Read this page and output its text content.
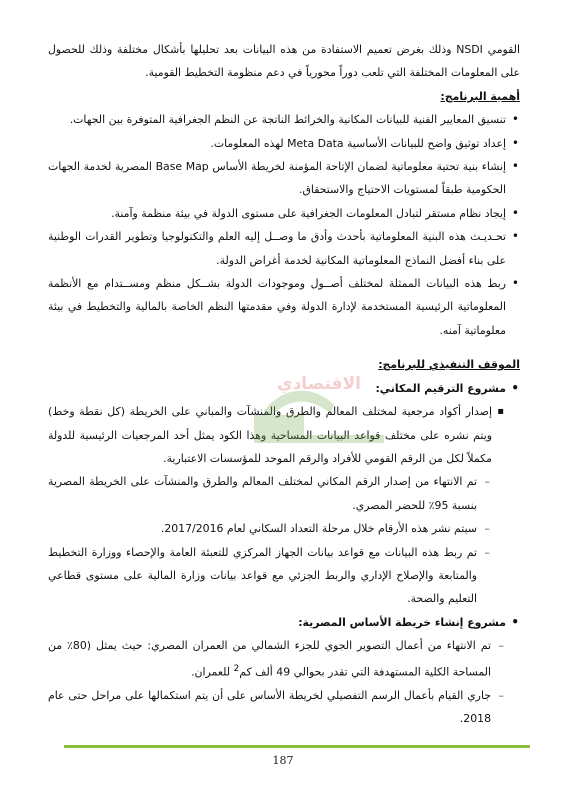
القومي NSDI وذلك بغرض تعميم الاستفادة من هذه البيانات بعد تحليلها بأشكال مختلفة وذلك للحصول على المعلومات المختلفة التي تلعب دوراً محورياً في دعم منظومة التخطيط القومية.

أهمية البرنامج:

• تنسيق المعايير الفنية للبيانات المكانية والخرائط الناتجة عن النظم الجغرافية المتوفرة بين الجهات.
• إعداد توثيق واضح للبيانات الأساسية Meta Data لهذه المعلومات.
• إنشاء بنية تحتية معلوماتية لضمان الإتاحة المؤمنة لخريطة الأساس Base Map المصرية لخدمة الجهات الحكومية طبقاً لمستويات الاحتياج والاستحقاق.
• إيجاد نظام مستقر لتبادل المعلومات الجغرافية على مستوى الدولة في بيئة منظمة وآمنة.
• تحـديـث هذه البنية المعلوماتية بأحدث وأدق ما وصــل إليه العلم والتكنولوجيا وتطوير القدرات الوطنية على بناء أفضل النماذج المعلوماتية المكانية لخدمة أغراض الدولة.
• ربط هذه البيانات الممثلة لمختلف أصــول وموجودات الدولة بشــكل منظم ومســتدام مع الأنظمة المعلوماتية الرئيسية المستخدمة لإدارة الدولة وفي مقدمتها النظم الخاصة بالمالية والتخطيط في بيئة معلوماتية آمنه.

الموقف التنفيذي للبرنامج:

• مشروع الترقيم المكاني:

▪ إصدار أكواد مرجعية لمختلف المعالم والطرق والمنشآت والمباني على الخريطة (كل نقطة وخط) ويتم نشره على مختلف قواعد البيانات المساحية وهذا الكود يمثل أحد المرجعيات الرئيسية للدولة مكملاً لكل من الرقم القومي للأفراد والرقم الموحد للمؤسسات الاعتبارية.

– تم الانتهاء من إصدار الرقم المكاني لمختلف المعالم والطرق والمنشآت على الخريطة المصرية بنسبة 95٪ للحضر المصري.
– سيتم نشر هذه الأرقام خلال مرحلة التعداد السكاني لعام 2017/2016.
– تم ربط هذه البيانات مع قواعد بيانات الجهاز المركزي للتعبئة العامة والإحصاء ووزارة التخطيط والمتابعة والإصلاح الإداري والربط الجزئي مع قواعد بيانات وزارة المالية على مستوى قطاعي التعليم والصحة.
• مشروع إنشاء خريطة الأساس المصرية:
– تم الانتهاء من أعمال التصوير الجوي للجزء الشمالي من العمران المصري: حيث يمثل (80٪ من المساحة الكلية المستهدفة التي تقدر بحوالي 49 ألف كم$^2$ للعمران.
– جاري القيام بأعمال الرسم التفصيلي لخريطة الأساس على أن يتم استكمالها على مراحل حتى عام 2018.
الاقتصادي
187
